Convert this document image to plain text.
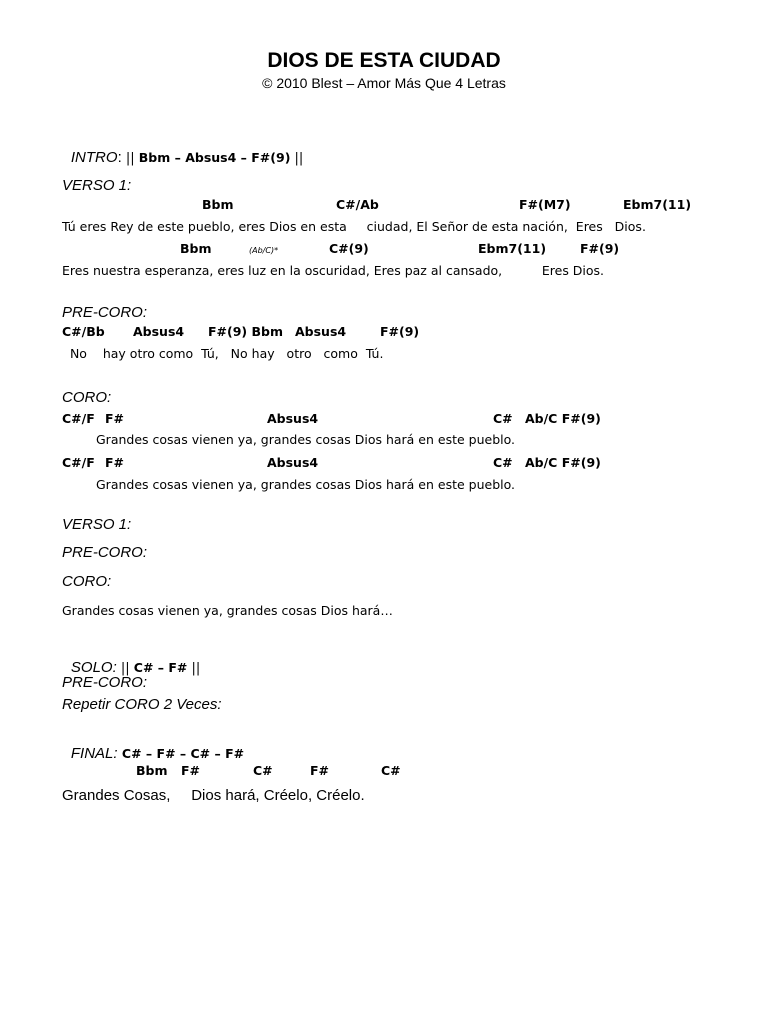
DIOS DE ESTA CIUDAD
© 2010 Blest – Amor Más Que 4 Letras

INTRO: || Bbm – Absus4 – F#(9) ||

VERSO 1:
Bbm	C#/Ab	F#(M7)	Ebm7(11)
Tú eres Rey de este pueblo, eres Dios en esta     ciudad, El Señor de esta nación,  Eres   Dios.
Bbm	(Ab/C)*	C#(9)	Ebm7(11)	F#(9)
Eres nuestra esperanza, eres luz en la oscuridad, Eres paz al cansado,          Eres Dios.
PRE-CORO:
C#/Bb Absus4 F#(9) Bbm Absus4	F#(9)
No    hay otro como  Tú,   No hay   otro   como  Tú.
CORO:
C#/F F#	Absus4	C# Ab/C F#(9)
Grandes cosas vienen ya, grandes cosas Dios hará en este pueblo.
C#/F F#	Absus4	C# Ab/C F#(9)
Grandes cosas vienen ya, grandes cosas Dios hará en este pueblo.
VERSO 1:
PRE-CORO:
CORO:
Grandes cosas vienen ya, grandes cosas Dios hará…

SOLO: || C# – F# ||

PRE-CORO:
Repetir CORO 2 Veces:

FINAL: C# – F# – C# – F#

Bbm F#	C#	F#	C#
Grandes Cosas,     Dios hará, Créelo, Créelo.
